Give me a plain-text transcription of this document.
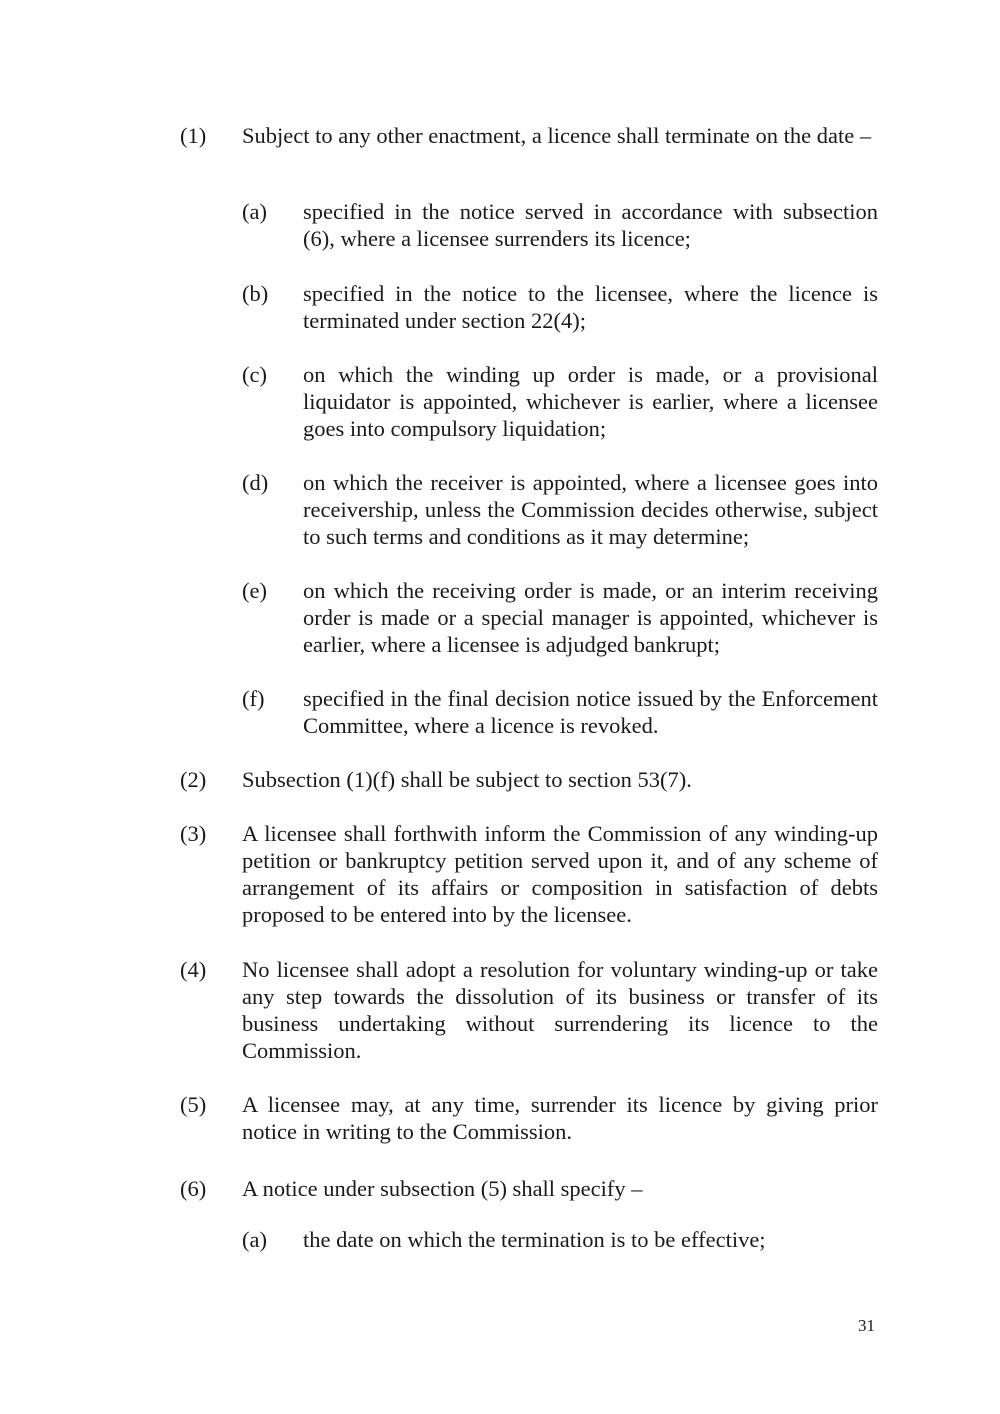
(1) Subject to any other enactment, a licence shall terminate on the date –
(a) specified in the notice served in accordance with subsection (6), where a licensee surrenders its licence;
(b) specified in the notice to the licensee, where the licence is terminated under section 22(4);
(c) on which the winding up order is made, or a provisional liquidator is appointed, whichever is earlier, where a licensee goes into compulsory liquidation;
(d) on which the receiver is appointed, where a licensee goes into receivership, unless the Commission decides otherwise, subject to such terms and conditions as it may determine;
(e) on which the receiving order is made, or an interim receiving order is made or a special manager is appointed, whichever is earlier, where a licensee is adjudged bankrupt;
(f) specified in the final decision notice issued by the Enforcement Committee, where a licence is revoked.
(2) Subsection (1)(f) shall be subject to section 53(7).
(3) A licensee shall forthwith inform the Commission of any winding-up petition or bankruptcy petition served upon it, and of any scheme of arrangement of its affairs or composition in satisfaction of debts proposed to be entered into by the licensee.
(4) No licensee shall adopt a resolution for voluntary winding-up or take any step towards the dissolution of its business or transfer of its business undertaking without surrendering its licence to the Commission.
(5) A licensee may, at any time, surrender its licence by giving prior notice in writing to the Commission.
(6) A notice under subsection (5) shall specify –
(a) the date on which the termination is to be effective;
31
